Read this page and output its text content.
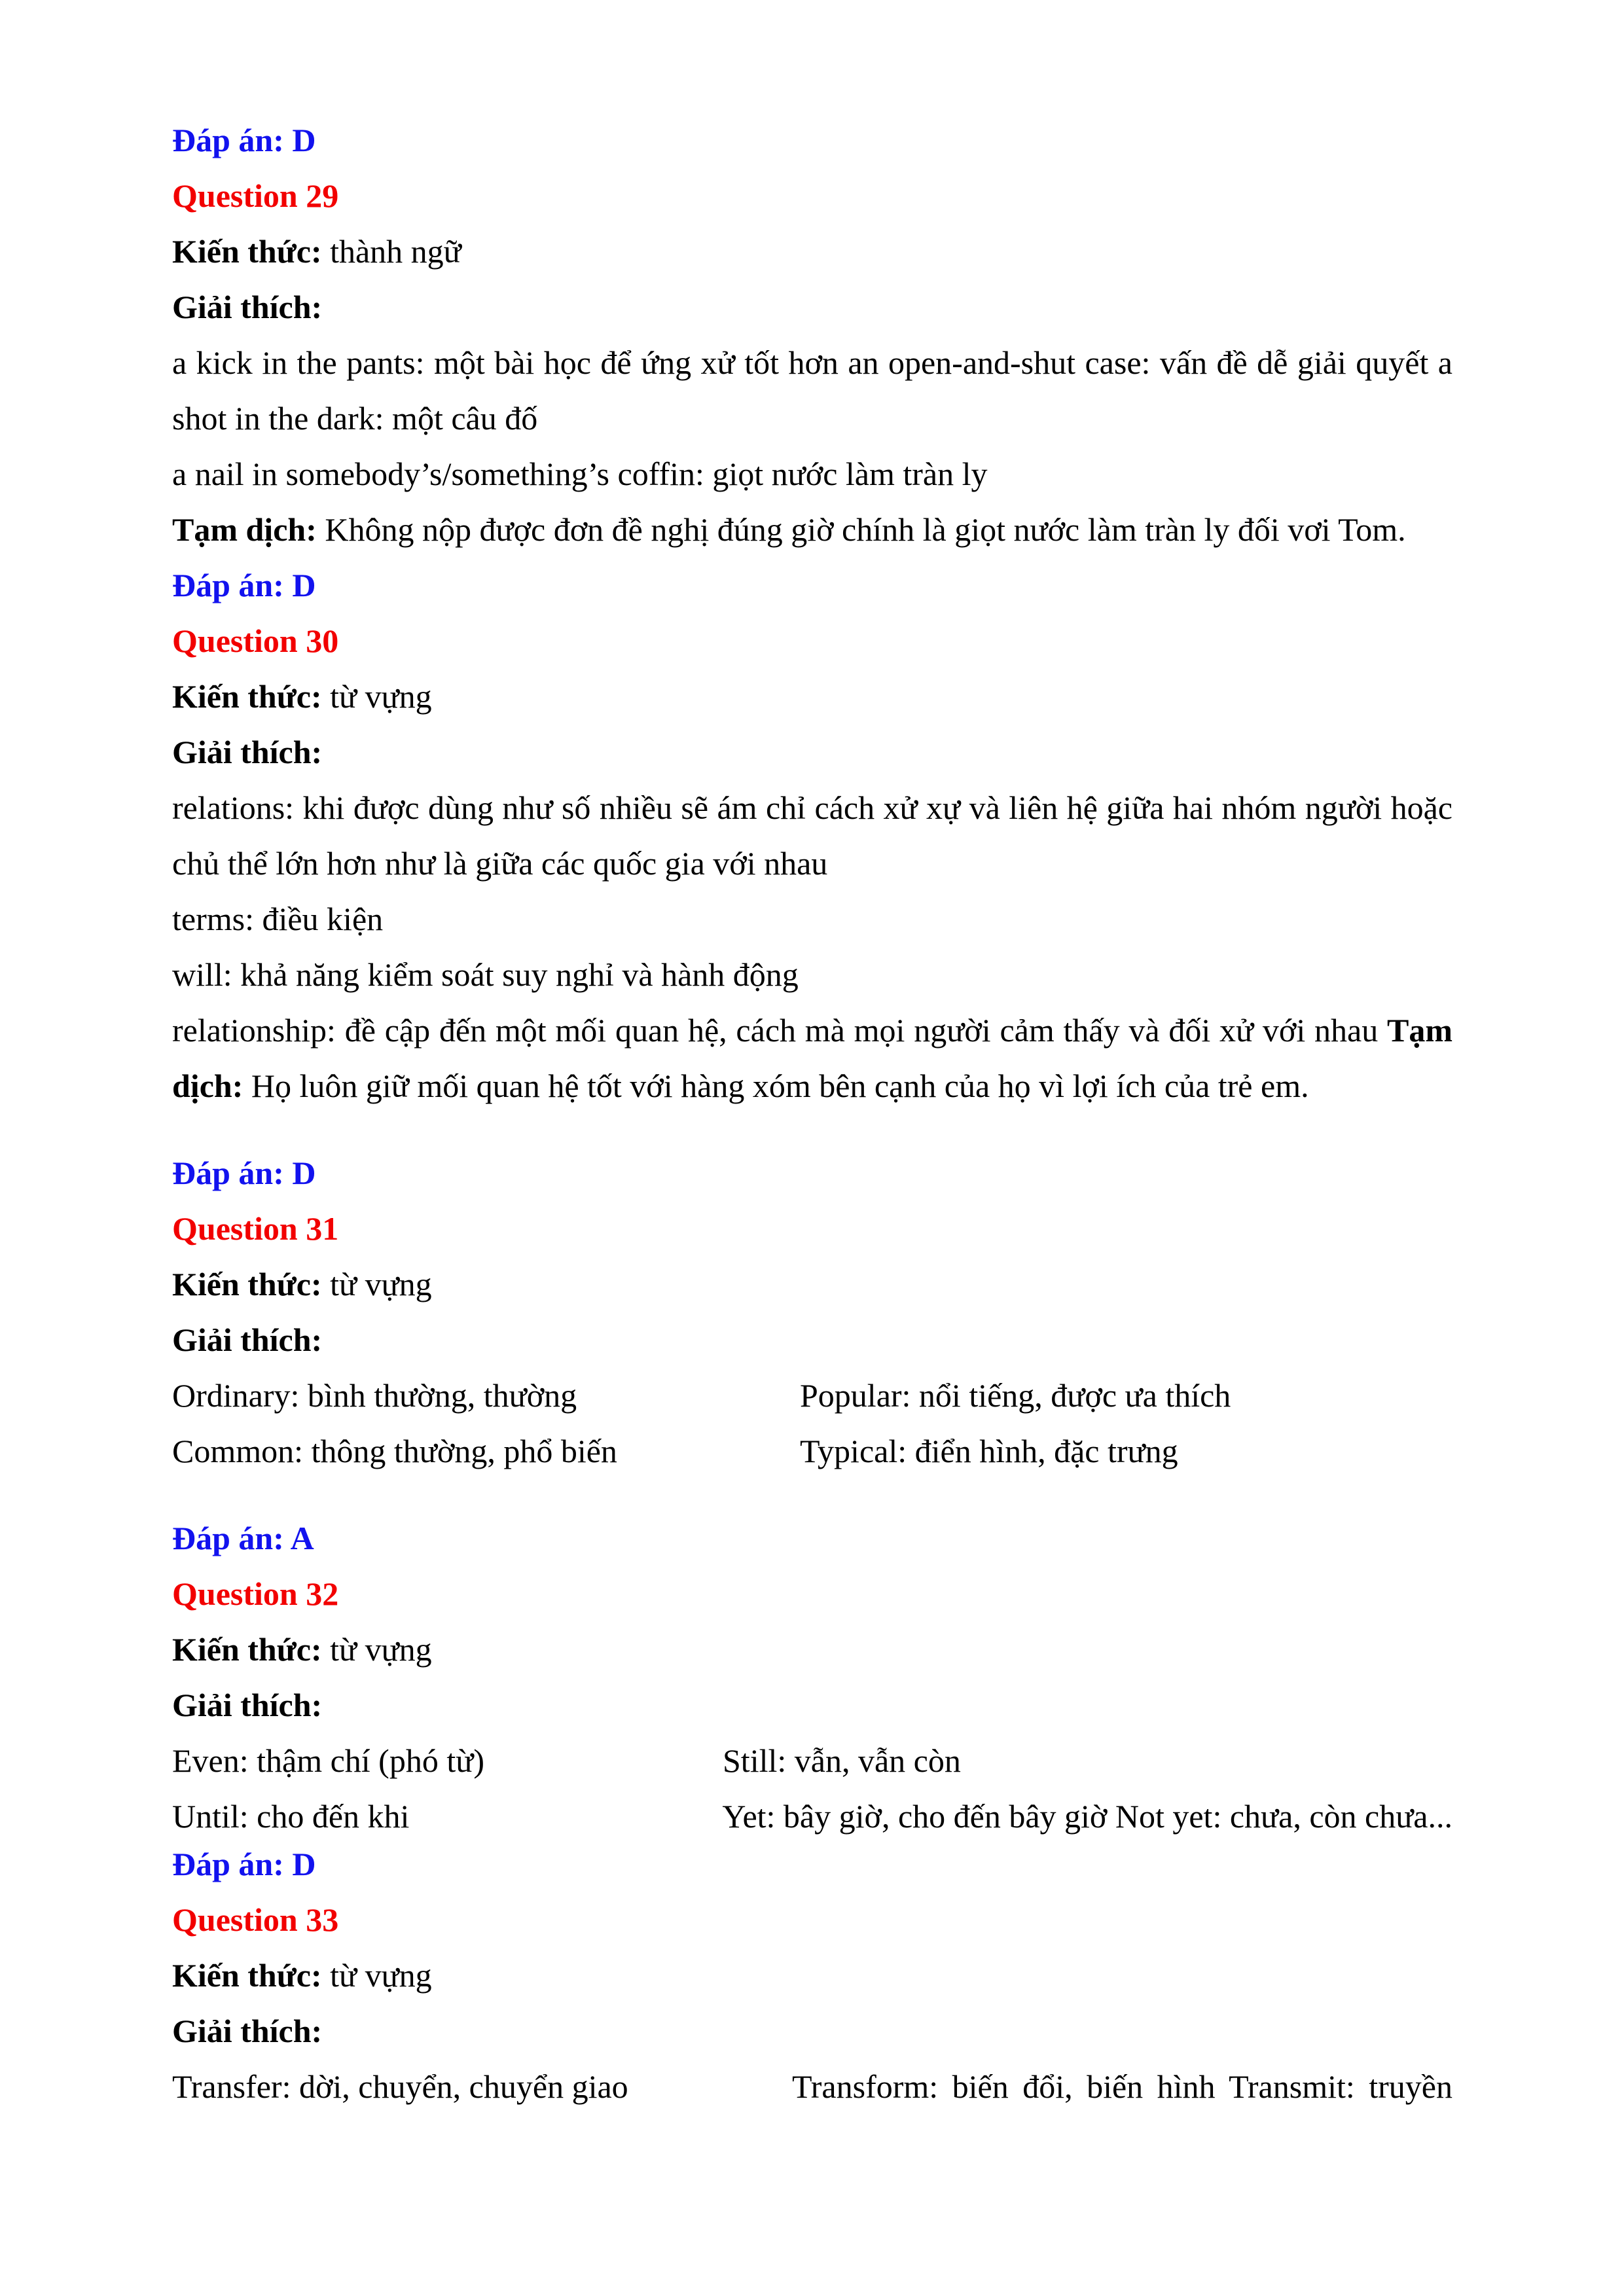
Đáp án: D
Question 29
Kiến thức: thành ngữ
Giải thích:
a kick in the pants: một bài học để ứng xử tốt hơn an open-and-shut case: vấn đề dễ giải quyết a
shot in the dark: một câu đố
a nail in somebody’s/something’s coffin: giọt nước làm tràn ly
Tạm dịch: Không nộp được đơn đề nghị đúng giờ chính là giọt nước làm tràn ly đối vơi Tom.
Đáp án: D
Question 30
Kiến thức: từ vựng
Giải thích:
relations: khi được dùng như số nhiều sẽ ám chỉ cách xử xự và liên hệ giữa hai nhóm người hoặc
chủ thể lớn hơn như là giữa các quốc gia với nhau
terms: điều kiện
will: khả năng kiểm soát suy nghỉ và hành động
relationship: đề cập đến một mối quan hệ, cách mà mọi người cảm thấy và đối xử với nhau Tạm
dịch: Họ luôn giữ mối quan hệ tốt với hàng xóm bên cạnh của họ vì lợi ích của trẻ em.
Đáp án: D
Question 31
Kiến thức: từ vựng
Giải thích:
Ordinary: bình thường, thường	Popular: nổi tiếng, được ưa thích
Common: thông thường, phổ biến	Typical: điển hình, đặc trưng
Đáp án: A
Question 32
Kiến thức: từ vựng
Giải thích:
Even: thậm chí (phó từ)	Still: vẫn, vẫn còn
Until: cho đến khi	Yet: bây giờ, cho đến bây giờ Not yet: chưa, còn chưa...
Đáp án: D
Question 33
Kiến thức: từ vựng
Giải thích:
Transfer: dời, chuyển, chuyển giao	Transform: biến đổi, biến hình Transmit: truyền
